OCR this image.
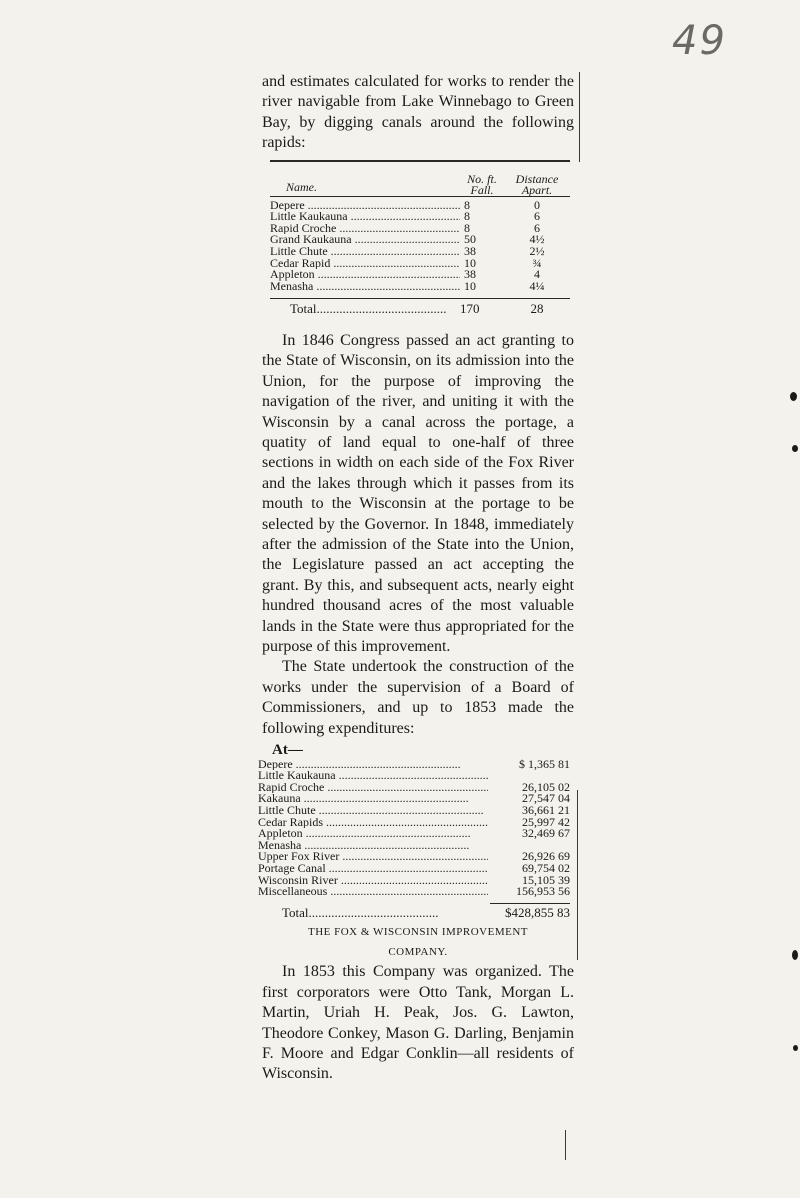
49

and estimates calculated for works to render the river navigable from Lake Winnebago to Green Bay, by digging canals around the following rapids:

Name.
No. ft. Fall.
Distance Apart.
Depere .....	8	0
Little Kaukauna .....	8	6
Rapid Croche .....	8	6
Grand Kaukauna .....	50	4½
Little Chute .....	38	2½
Cedar Rapid .....	10	¾
Appleton .....	38	4
Menasha .....	10	4¼
Total .....	170	28

In 1846 Congress passed an act granting to the State of Wisconsin, on its admission into the Union, for the purpose of improving the navigation of the river, and uniting it with the Wisconsin by a canal across the portage, a quatity of land equal to one-half of three sections in width on each side of the Fox River and the lakes through which it passes from its mouth to the Wisconsin at the portage to be selected by the Governor. In 1848, immediately after the admission of the State into the Union, the Legislature passed an act accepting the grant. By this, and subsequent acts, nearly eight hundred thousand acres of the most valuable lands in the State were thus appropriated for the purpose of this improvement.

The State undertook the construction of the works under the supervision of a Board of Commissioners, and up to 1853 made the following expenditures:

At—
Depere .....	$ 1,365 81
Little Kaukauna .....
Rapid Croche .....	26,105 02
Kakauna .....	27,547 04
Little Chute .....	36,661 21
Cedar Rapids .....	25,997 42
Appleton .....	32,469 67
Menasha .....
Upper Fox River .....	26,926 69
Portage Canal .....	69,754 02
Wisconsin River .....	15,105 39
Miscellaneous .....	156,953 56
Total .....	$428,855 83
THE FOX & WISCONSIN IMPROVEMENT
COMPANY.

In 1853 this Company was organized. The first corporators were Otto Tank, Morgan L. Martin, Uriah H. Peak, Jos. G. Lawton, Theodore Conkey, Mason G. Darling, Benjamin F. Moore and Edgar Conklin—all residents of Wisconsin.
